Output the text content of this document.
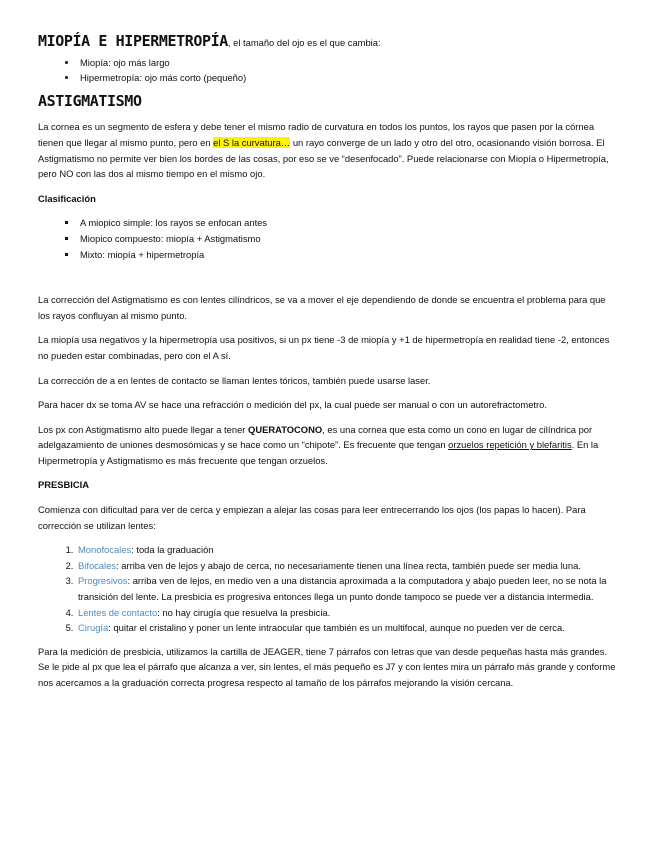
MIOPÍA E HIPERMETROPÍA, el tamaño del ojo es el que cambia:
• Miopía: ojo más largo
• Hipermetropía: ojo más corto (pequeño)
ASTIGMATISMO

La cornea es un segmento de esfera y debe tener el mismo radio de curvatura en todos los puntos, los rayos que pasen por la córnea tienen que llegar al mismo punto, pero en el S la curvatura… un rayo converge de un lado y otro del otro, ocasionando visión borrosa. El Astigmatismo no permite ver bien los bordes de las cosas, por eso se ve “desenfocado”. Puede relacionarse con Miopía o Hipermetropía, pero NO con las dos al mismo tiempo en el mismo ojo.

Clasificación

▪ A miopico simple: los rayos se enfocan antes
▪ Miopico compuesto: miopía + Astigmatismo
▪ Mixto: miopía + hipermetropía

La corrección del Astigmatismo es con lentes cilíndricos, se va a mover el eje dependiendo de donde se encuentra el problema para que los rayos confluyan al mismo punto.

La miopía usa negativos y la hipermetropía usa positivos, si un px tiene -3 de miopía y +1 de hipermetropía en realidad tiene -2, entonces no pueden estar combinadas, pero con el A sí.

La corrección de a en lentes de contacto se llaman lentes tóricos, también puede usarse laser.

Para hacer dx se toma AV se hace una refracción o medición del px, la cual puede ser manual o con un autorefractometro.

Los px con Astigmatismo alto puede llegar a tener QUERATOCONO, es una cornea que esta como un cono en lugar de cilíndrica por adelgazamiento de uniones desmosómicas y se hace como un “chipote”. Es frecuente que tengan orzuelos repetición y blefaritis. En la Hipermetropía y Astigmatismo es más frecuente que tengan orzuelos.

PRESBICIA

Comienza con dificultad para ver de cerca y empiezan a alejar las cosas para leer entrecerrando los ojos (los papas lo hacen). Para corrección se utilizan lentes:

1. Monofocales: toda la graduación
2. Bifocales: arriba ven de lejos y abajo de cerca, no necesariamente tienen una línea recta, también puede ser media luna.
3. Progresivos: arriba ven de lejos, en medio ven a una distancia aproximada a la computadora y abajo pueden leer, no se nota la transición del lente. La presbicia es progresiva entonces llega un punto donde tampoco se puede ver a distancia intermedia.
4. Lentes de contacto: no hay cirugía que resuelva la presbicia.
5. Cirugía: quitar el cristalino y poner un lente intraocular que también es un multifocal, aunque no pueden ver de cerca.

Para la medición de presbicia, utilizamos la cartilla de JEAGER, tiene 7 párrafos con letras que van desde pequeñas hasta más grandes. Se le pide al px que lea el párrafo que alcanza a ver, sin lentes, el más pequeño es J7 y con lentes mira un párrafo más grande y conforme nos acercamos a la graduación correcta progresa respecto al tamaño de los párrafos mejorando la visión cercana.
